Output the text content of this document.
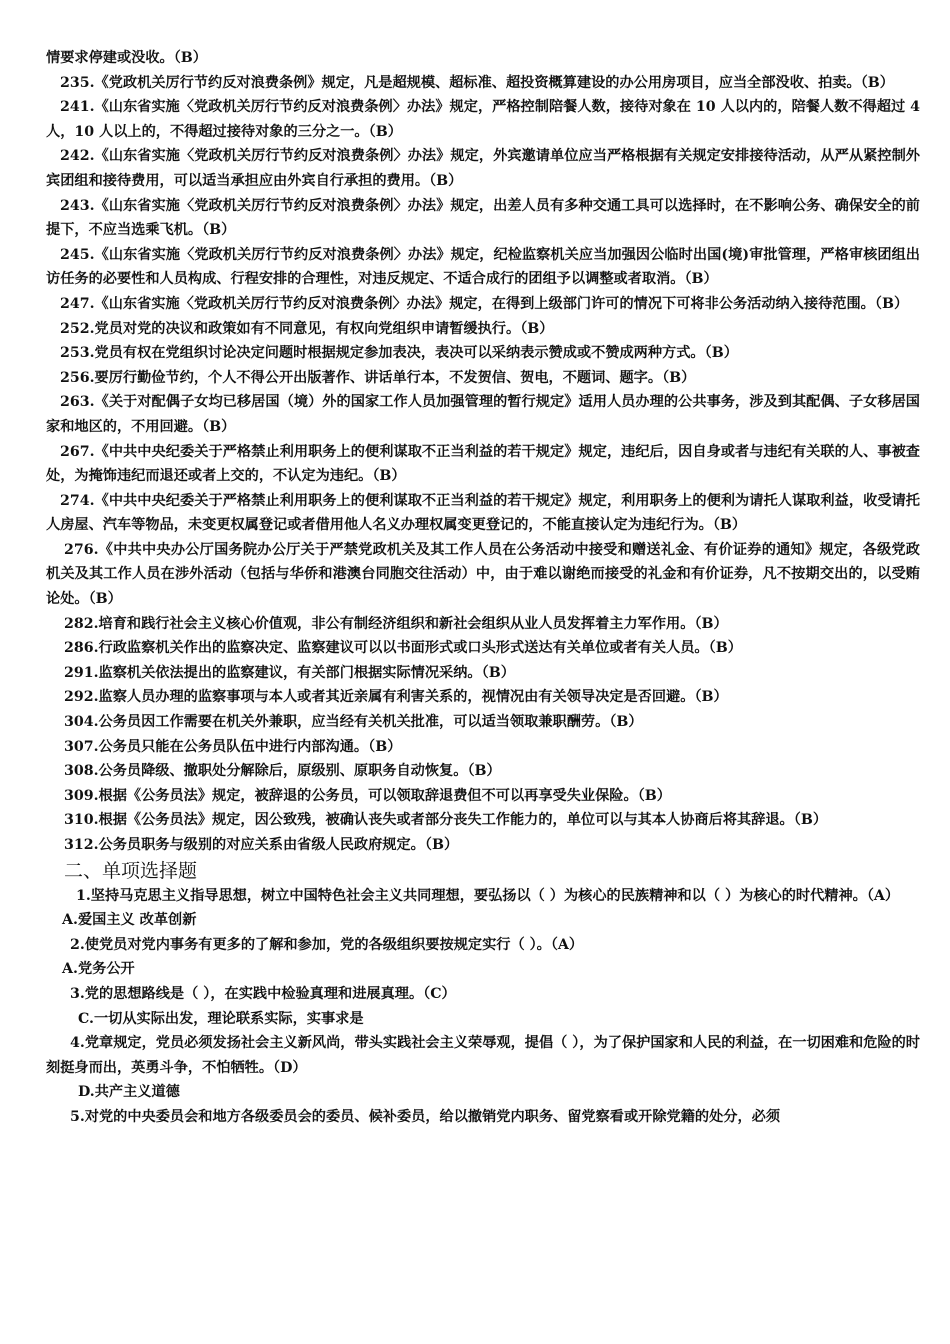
情要求停建或没收。（B）

235.《党政机关厉行节约反对浪费条例》规定，凡是超规模、超标准、超投资概算建设的办公用房项目，应当全部没收、拍卖。（B）

241.《山东省实施〈党政机关厉行节约反对浪费条例〉办法》规定，严格控制陪餐人数，接待对象在 10 人以内的，陪餐人数不得超过 4 人，10 人以上的，不得超过接待对象的三分之一。（B）

242.《山东省实施〈党政机关厉行节约反对浪费条例〉办法》规定，外宾邀请单位应当严格根据有关规定安排接待活动，从严从紧控制外宾团组和接待费用，可以适当承担应由外宾自行承担的费用。（B）

243.《山东省实施〈党政机关厉行节约反对浪费条例〉办法》规定，出差人员有多种交通工具可以选择时，在不影响公务、确保安全的前提下，不应当选乘飞机。（B）

245.《山东省实施〈党政机关厉行节约反对浪费条例〉办法》规定，纪检监察机关应当加强因公临时出国(境)审批管理，严格审核团组出访任务的必要性和人员构成、行程安排的合理性，对违反规定、不适合成行的团组予以调整或者取消。（B）

247.《山东省实施〈党政机关厉行节约反对浪费条例〉办法》规定，在得到上级部门许可的情况下可将非公务活动纳入接待范围。（B）

252.党员对党的决议和政策如有不同意见，有权向党组织申请暂缓执行。（B）

253.党员有权在党组织讨论决定问题时根据规定参加表决，表决可以采纳表示赞成或不赞成两种方式。（B）

256.要厉行勤俭节约，个人不得公开出版著作、讲话单行本，不发贺信、贺电，不题词、题字。（B）

263.《关于对配偶子女均已移居国（境）外的国家工作人员加强管理的暂行规定》适用人员办理的公共事务，涉及到其配偶、子女移居国家和地区的，不用回避。（B）

267.《中共中央纪委关于严格禁止利用职务上的便利谋取不正当利益的若干规定》规定，违纪后，因自身或者与违纪有关联的人、事被查处，为掩饰违纪而退还或者上交的，不认定为违纪。（B）

274.《中共中央纪委关于严格禁止利用职务上的便利谋取不正当利益的若干规定》规定，利用职务上的便利为请托人谋取利益，收受请托人房屋、汽车等物品，未变更权属登记或者借用他人名义办理权属变更登记的，不能直接认定为违纪行为。（B）

276.《中共中央办公厅国务院办公厅关于严禁党政机关及其工作人员在公务活动中接受和赠送礼金、有价证券的通知》规定，各级党政机关及其工作人员在涉外活动（包括与华侨和港澳台同胞交往活动）中，由于难以谢绝而接受的礼金和有价证券，凡不按期交出的，以受贿论处。（B）

282.培育和践行社会主义核心价值观，非公有制经济组织和新社会组织从业人员发挥着主力军作用。（B）

286.行政监察机关作出的监察决定、监察建议可以以书面形式或口头形式送达有关单位或者有关人员。（B）

291.监察机关依法提出的监察建议，有关部门根据实际情况采纳。（B）

292.监察人员办理的监察事项与本人或者其近亲属有利害关系的，视情况由有关领导决定是否回避。（B）

304.公务员因工作需要在机关外兼职，应当经有关机关批准，可以适当领取兼职酬劳。（B）

307.公务员只能在公务员队伍中进行内部沟通。（B）

308.公务员降级、撤职处分解除后，原级别、原职务自动恢复。（B）

309.根据《公务员法》规定，被辞退的公务员，可以领取辞退费但不可以再享受失业保险。（B）

310.根据《公务员法》规定，因公致残，被确认丧失或者部分丧失工作能力的，单位可以与其本人协商后将其辞退。（B）

312.公务员职务与级别的对应关系由省级人民政府规定。（B）

二、单项选择题

1.坚持马克思主义指导思想，树立中国特色社会主义共同理想，要弘扬以（ ）为核心的民族精神和以（ ）为核心的时代精神。（A）

A.爱国主义 改革创新

2.使党员对党内事务有更多的了解和参加，党的各级组织要按规定实行（ ）。（A）

A.党务公开

3.党的思想路线是（ ），在实践中检验真理和进展真理。（C）

C.一切从实际出发，理论联系实际，实事求是

4.党章规定，党员必须发扬社会主义新风尚，带头实践社会主义荣辱观，提倡（ ），为了保护国家和人民的利益，在一切困难和危险的时刻挺身而出，英勇斗争，不怕牺牲。（D）

D.共产主义道德

5.对党的中央委员会和地方各级委员会的委员、候补委员，给以撤销党内职务、留党察看或开除党籍的处分，必须
